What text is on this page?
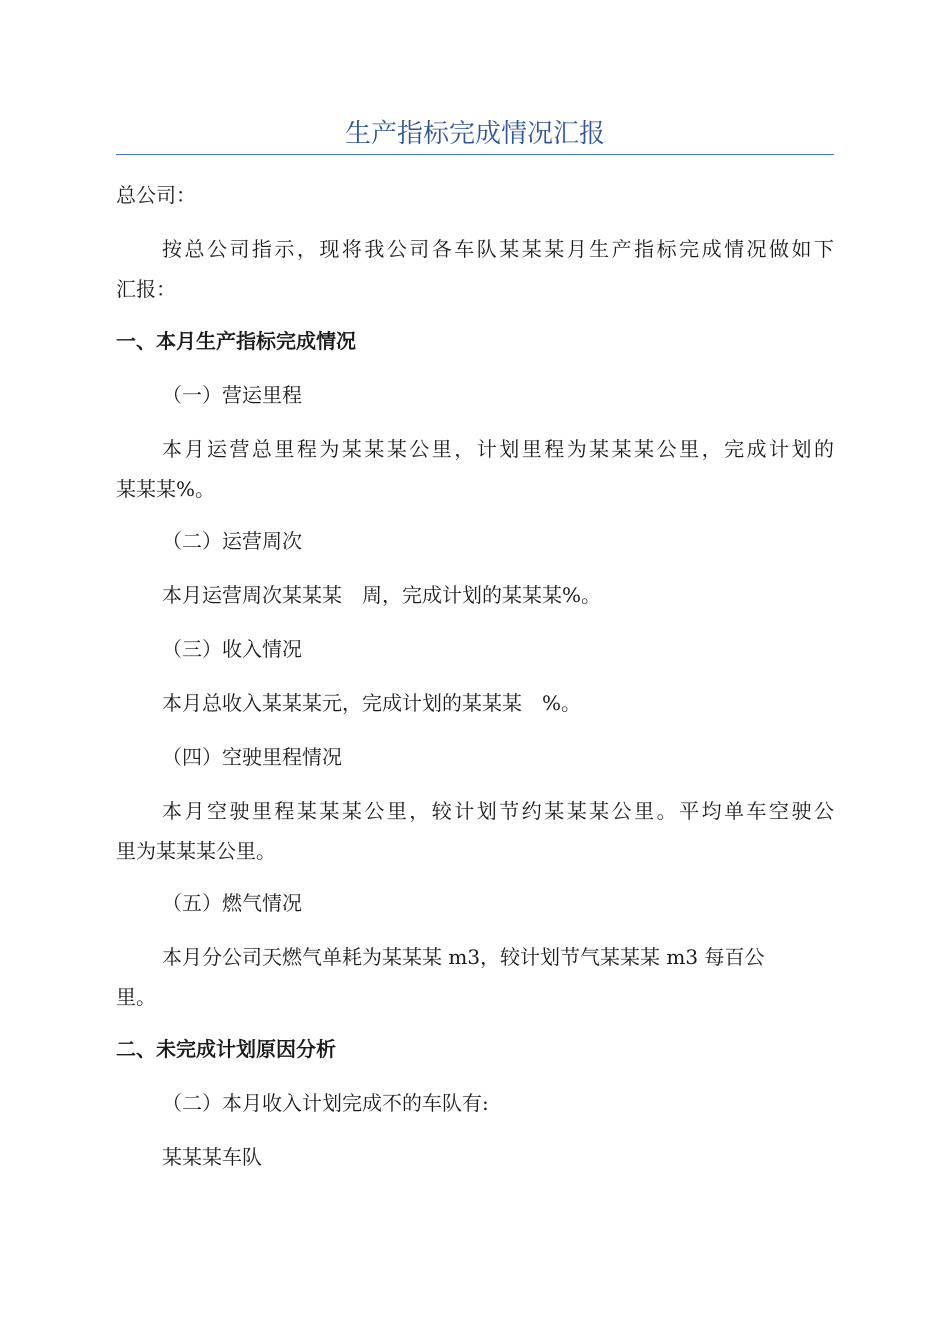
生产指标完成情况汇报
总公司：
按总公司指示，现将我公司各车队某某某月生产指标完成情况做如下
汇报：
一、本月生产指标完成情况
（一）营运里程
本月运营总里程为某某某公里，计划里程为某某某公里，完成计划的
某某某%。
（二）运营周次
本月运营周次某某某　周，完成计划的某某某%。
（三）收入情况
本月总收入某某某元，完成计划的某某某　%。
（四）空驶里程情况
本月空驶里程某某某公里，较计划节约某某某公里。平均单车空驶公
里为某某某公里。
（五）燃气情况
本月分公司天燃气单耗为某某某 m3，较计划节气某某某 m3 每百公
里。
二、未完成计划原因分析
（二）本月收入计划完成不的车队有:
某某某车队
